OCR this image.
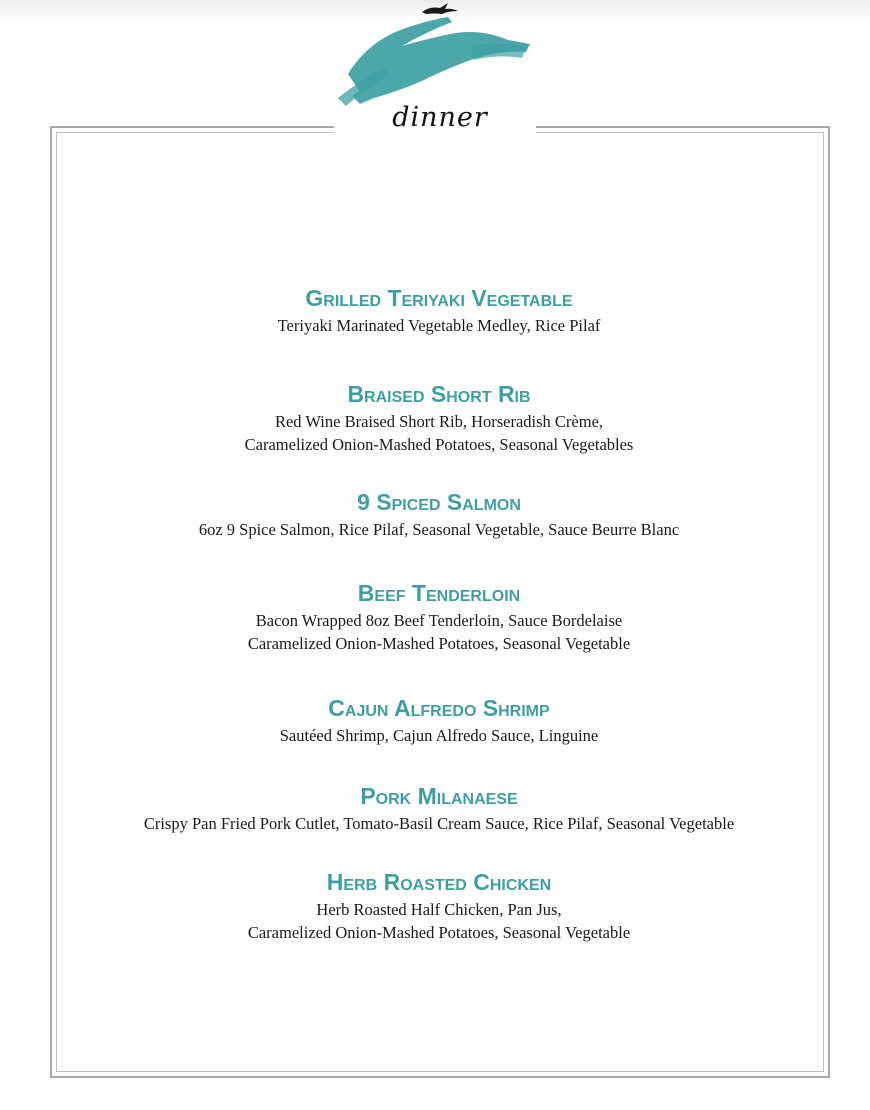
dinner

Grilled Teriyaki Vegetable

Teriyaki Marinated Vegetable Medley, Rice Pilaf

Braised Short Rib

Red Wine Braised Short Rib, Horseradish Crème,

Caramelized Onion-Mashed Potatoes, Seasonal Vegetables

9 Spiced Salmon

6oz 9 Spice Salmon, Rice Pilaf, Seasonal Vegetable, Sauce Beurre Blanc

Beef Tenderloin

Bacon Wrapped 8oz Beef Tenderloin, Sauce Bordelaise

Caramelized Onion-Mashed Potatoes, Seasonal Vegetable

Cajun Alfredo Shrimp

Sautéed Shrimp, Cajun Alfredo Sauce, Linguine

Pork Milanaese

Crispy Pan Fried Pork Cutlet, Tomato-Basil Cream Sauce, Rice Pilaf, Seasonal Vegetable

Herb Roasted Chicken

Herb Roasted Half Chicken, Pan Jus,

Caramelized Onion-Mashed Potatoes, Seasonal Vegetable
